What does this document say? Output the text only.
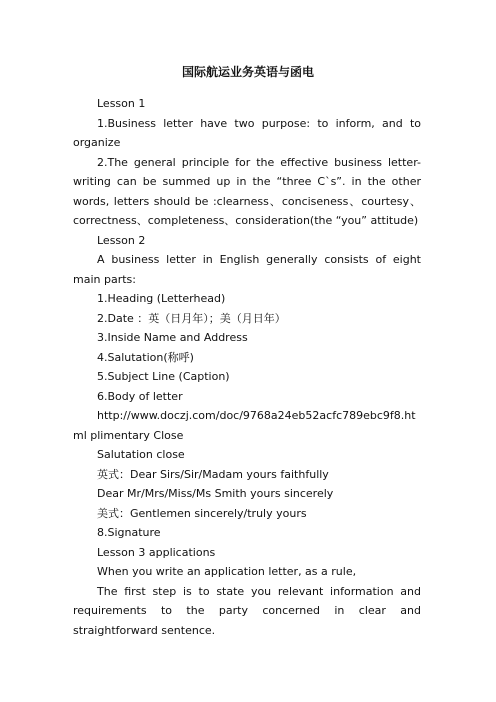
国际航运业务英语与函电

Lesson 1

1.Business letter have two purpose: to inform, and to organize

2.The general principle for the effective business letter-writing can be summed up in the “three C`s”. in the other words, letters should be :clearness、conciseness、courtesy、correctness、completeness、consideration(the “you” attitude)

Lesson 2

A business letter in English generally consists of eight main parts:

1.Heading (Letterhead)

2.Date ：英（日月年）；美（月日年）

3.Inside Name and Address

4.Salutation(称呼)

5.Subject Line (Caption)

6.Body of letter

http://www.doczj.com/doc/9768a24eb52acfc789ebc9f8.html plimentary Close

Salutation close

英式：Dear Sirs/Sir/Madam yours faithfully

Dear Mr/Mrs/Miss/Ms Smith yours sincerely

美式：Gentlemen sincerely/truly yours

8.Signature

Lesson 3 applications

When you write an application letter, as a rule,

The first step is to state you relevant information and requirements to the party concerned in clear and straightforward sentence.
